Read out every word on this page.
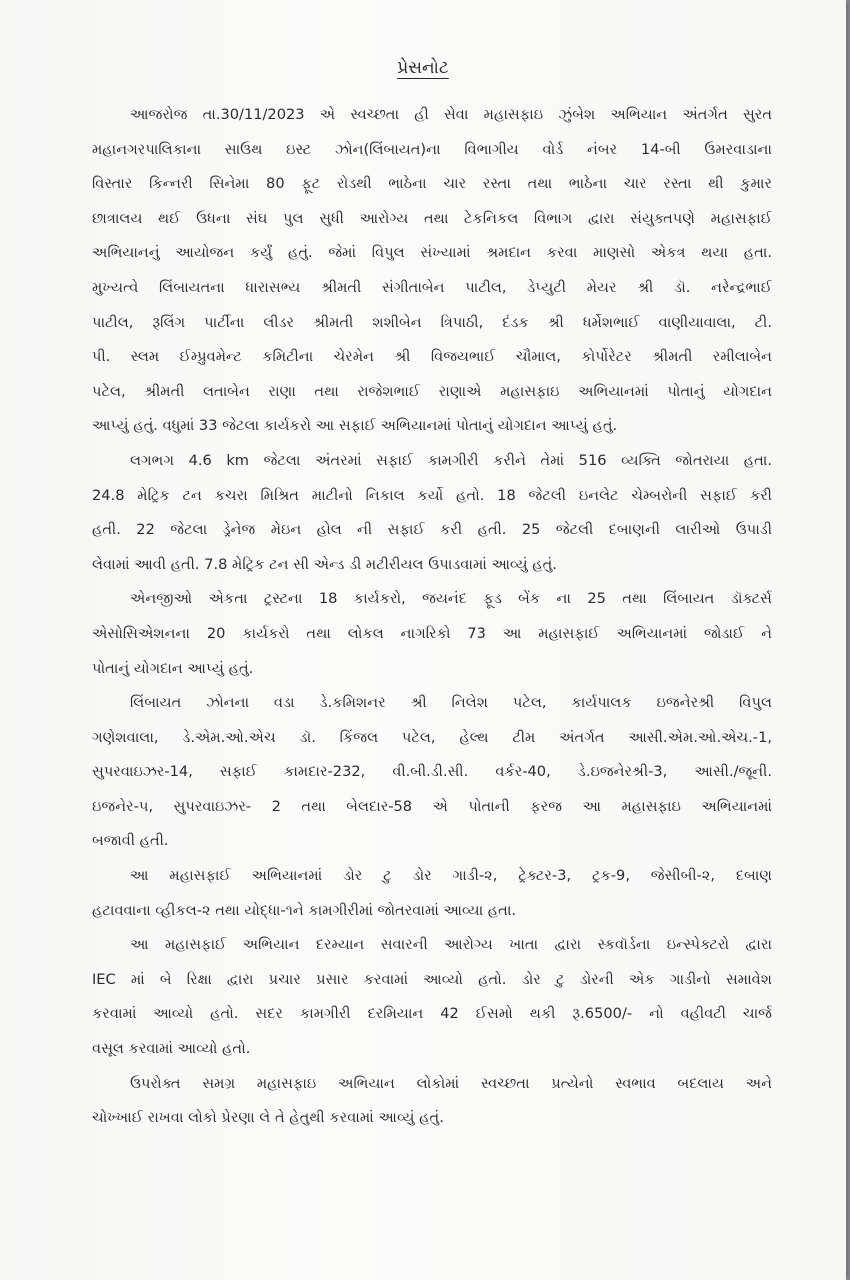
પ્રેસનોટ
આજરોજ તા.30/11/2023 એ સ્વચ્છતા હી સેવા મહાસફાઇ ઝુંબેશ અભિયાન અંતર્ગત સુરત
મહાનગરપાલિકાના સાઉથ ઇસ્ટ ઝોન(લિંબાયત)ના વિભાગીય વોર્ડ નંબર 14-બી ઉમરવાડાના
વિસ્તાર કિન્નરી સિનેમા 80 ફૂટ રોડથી ભાઠેના ચાર રસ્તા તથા ભાઠેના ચાર રસ્તા થી કુમાર
છાત્રાલય થઈ ઉધના સંઘ પુલ સુધી આરોગ્ય તથા ટેકનિકલ વિભાગ દ્વારા સંયુક્તપણે મહાસફાઈ
અભિયાનનું આયોજન કર્યું હતું. જેમાં વિપુલ સંખ્યામાં શ્રમદાન કરવા માણસો એકત્ર થયા હતા.
મુખ્યત્વે લિંબાયતના ધારાસભ્ય શ્રીમતી સંગીતાબેન પાટીલ, ડેપ્યુટી મેયર શ્રી ડૉ. નરેન્દ્રભાઈ
પાટીલ, રૂલિંગ પાર્ટીના લીડર શ્રીમતી શશીબેન ત્રિપાઠી, દંડક શ્રી ધર્મેશભાઈ વાણીયાવાલા, ટી.
પી. સ્લમ ઈમ્પ્રુવમેન્ટ કમિટીના ચેરમેન શ્રી વિજયભાઈ ચૌમાલ, કોર્પોરેટર શ્રીમતી રમીલાબેન
પટેલ, શ્રીમતી લતાબેન રાણા તથા રાજેશભાઈ રાણાએ મહાસફાઇ અભિયાનમાં પોતાનું યોગદાન
આપ્યું હતું. વધુમાં 33 જેટલા કાર્યકરો આ સફાઈ અભિયાનમાં પોતાનું યોગદાન આપ્યું હતું.
લગભગ 4.6 km જેટલા અંતરમાં સફાઈ કામગીરી કરીને તેમાં 516 વ્યક્તિ જોતરાયા હતા.
24.8 મેટ્રિક ટન કચરા મિશ્રિત માટીનો નિકાલ કર્યો હતો. 18 જેટલી ઇનલેટ ચેમ્બરોની સફાઈ કરી
હતી. 22 જેટલા ડ્રેનેજ મેઇન હોલ ની સફાઈ કરી હતી. 25 જેટલી દબાણની લારીઓ ઉપાડી
લેવામાં આવી હતી. 7.8 મેટ્રિક ટન સી એન્ડ ડી મટીરીયલ ઉપાડવામાં આવ્યું હતું.
એનજીઓ એકતા ટ્રસ્ટના 18 કાર્યકરો, જયનંદ ફૂડ બેંક ના 25 તથા લિંબાયત ડૉક્ટર્સ
એસોસિએશનના 20 કાર્યકરો તથા લોકલ નાગરિકો 73 આ મહાસફાઈ અભિયાનમાં જોડાઈ ને
પોતાનું યોગદાન આપ્યું હતું.
લિંબાયત ઝોનના વડા ડે.કમિશનર શ્રી નિલેશ પટેલ, કાર્યપાલક ઇજનેરશ્રી વિપુલ
ગણેશવાલા, ડે.એમ.ઓ.એચ ડૉ. કિંજલ પટેલ, હેલ્થ ટીમ અંતર્ગત આસી.એમ.ઓ.એચ.-1,
સુપરવાઇઝર-14, સફાઈ કામદાર-232, વી.બી.ડી.સી. વર્કર-40, ડે.ઇજનેરશ્રી-3, આસી./જૂની.
ઇજનેર-૫, સુપરવાઇઝર- 2 તથા બેલદાર-58 એ પોતાની ફરજ આ મહાસફાઇ અભિયાનમાં
બજાવી હતી.
આ મહાસફાઈ અભિયાનમાં ડોર ટુ ડોર ગાડી-૨, ટ્રેક્ટર-3, ટ્રક-9, જેસીબી-૨, દબાણ
હટાવવાના વ્હીકલ-૨ તથા યોદ્ધા-૧ને કામગીરીમાં જોતરવામાં આવ્યા હતા.
આ મહાસફાઈ અભિયાન દરમ્યાન સવારની આરોગ્ય ખાતા દ્વારા સ્કવૉર્ડના ઇન્સ્પેક્ટરો દ્વારા
IEC માં બે રિક્ષા દ્વારા પ્રચાર પ્રસાર કરવામાં આવ્યો હતો. ડોર ટુ ડોરની એક ગાડીનો સમાવેશ
કરવામાં આવ્યો હતો. સદર કામગીરી દરમિયાન 42 ઈસમો થકી રૂ.6500/- નો વહીવટી ચાર્જ
વસૂલ કરવામાં આવ્યો હતો.
ઉપરોક્ત સમગ્ર મહાસફાઇ અભિયાન લોકોમાં સ્વચ્છતા પ્રત્યેનો સ્વભાવ બદલાય અને
ચોખ્ખાઈ રાખવા લોકો પ્રેરણા લે તે હેતુથી કરવામાં આવ્યું હતું.
